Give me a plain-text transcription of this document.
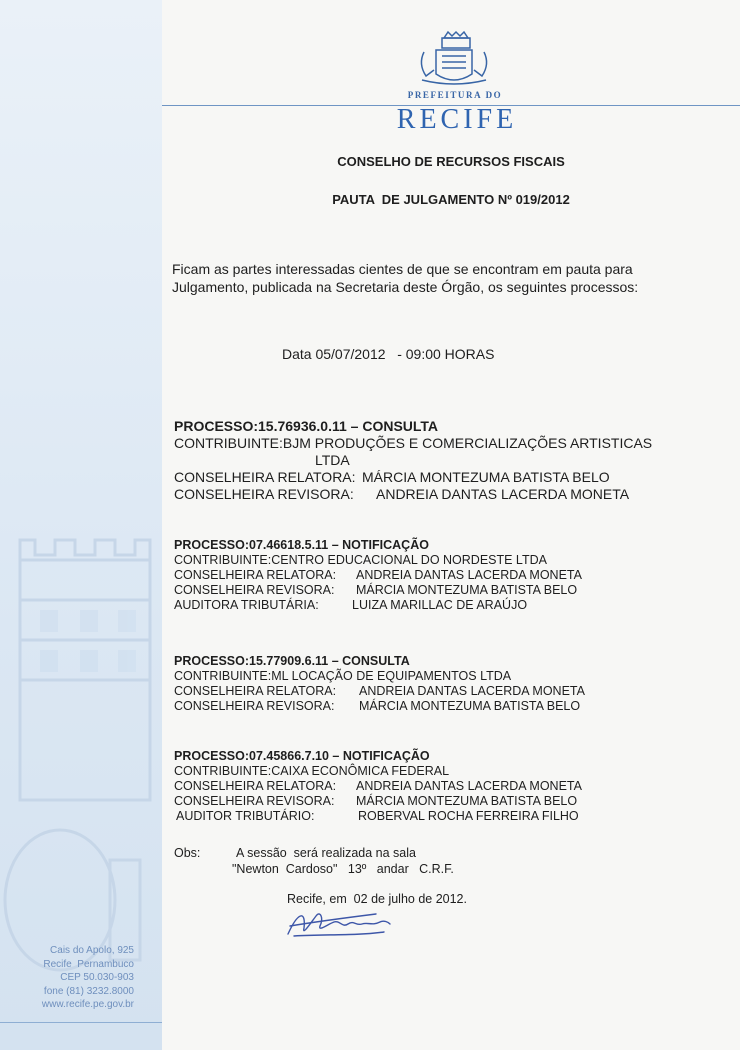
PREFEITURA DO
RECIFE
CONSELHO DE RECURSOS FISCAIS
PAUTA  DE JULGAMENTO Nº 019/2012
Ficam as partes interessadas cientes de que se encontram em pauta para Julgamento, publicada na Secretaria deste Órgão, os seguintes processos:
Data 05/07/2012   - 09:00 HORAS
PROCESSO:15.76936.0.11 – CONSULTA
CONTRIBUINTE:BJM PRODUÇÕES E COMERCIALIZAÇÕES ARTISTICAS
LTDA
CONSELHEIRA RELATORA: MÁRCIA MONTEZUMA BATISTA BELO
CONSELHEIRA REVISORA: ANDREIA DANTAS LACERDA MONETA
PROCESSO:07.46618.5.11 – NOTIFICAÇÃO
CONTRIBUINTE:CENTRO EDUCACIONAL DO NORDESTE LTDA
CONSELHEIRA RELATORA: ANDREIA DANTAS LACERDA MONETA
CONSELHEIRA REVISORA: MÁRCIA MONTEZUMA BATISTA BELO
AUDITORA TRIBUTÁRIA:	LUIZA MARILLAC DE ARAÚJO
PROCESSO:15.77909.6.11 – CONSULTA
CONTRIBUINTE:ML LOCAÇÃO DE EQUIPAMENTOS LTDA
CONSELHEIRA RELATORA: ANDREIA DANTAS LACERDA MONETA
CONSELHEIRA REVISORA: MÁRCIA MONTEZUMA BATISTA BELO
PROCESSO:07.45866.7.10 – NOTIFICAÇÃO
CONTRIBUINTE:CAIXA ECONÔMICA FEDERAL
CONSELHEIRA RELATORA: ANDREIA DANTAS LACERDA MONETA
CONSELHEIRA REVISORA: MÁRCIA MONTEZUMA BATISTA BELO
AUDITOR TRIBUTÁRIO:	ROBERVAL ROCHA FERREIRA FILHO
Obs:	A sessão  será realizada na sala
"Newton  Cardoso"   13º   andar   C.R.F.
Recife, em  02 de julho de 2012.
Cais do Apolo, 925
Recife  Pernambuco
CEP 50.030-903
fone (81) 3232.8000
www.recife.pe.gov.br
